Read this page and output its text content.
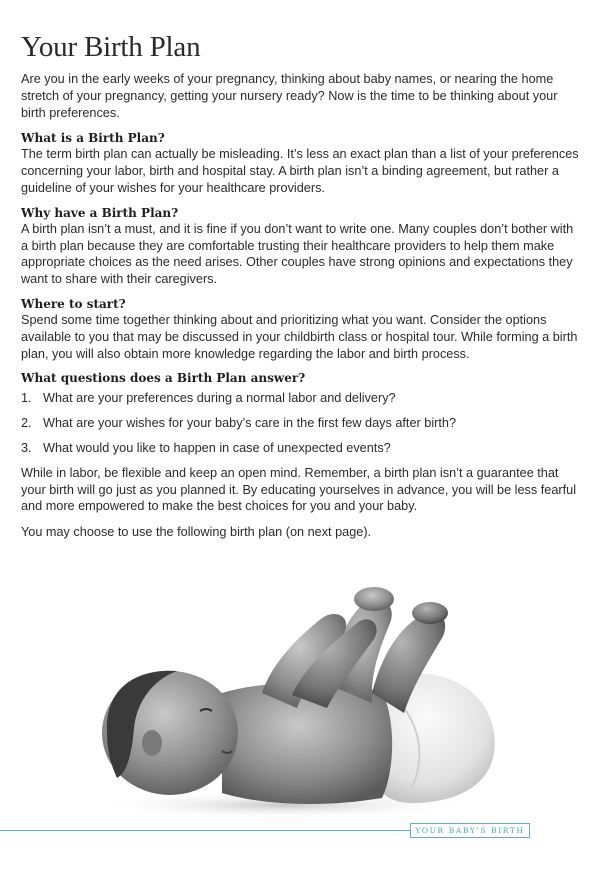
Your Birth Plan

Are you in the early weeks of your pregnancy, thinking about baby names, or nearing the home stretch of your pregnancy, getting your nursery ready? Now is the time to be thinking about your birth preferences.

What is a Birth Plan?

The term birth plan can actually be misleading. It’s less an exact plan than a list of your preferences concerning your labor, birth and hospital stay. A birth plan isn’t a binding agreement, but rather a guideline of your wishes for your healthcare providers.

Why have a Birth Plan?

A birth plan isn’t a must, and it is fine if you don’t want to write one. Many couples don’t bother with a birth plan because they are comfortable trusting their healthcare providers to help them make appropriate choices as the need arises. Other couples have strong opinions and expectations they want to share with their caregivers.

Where to start?

Spend some time together thinking about and prioritizing what you want. Consider the options available to you that may be discussed in your childbirth class or hospital tour. While forming a birth plan, you will also obtain more knowledge regarding the labor and birth process.

What questions does a Birth Plan answer?
1. What are your preferences during a normal labor and delivery?
2. What are your wishes for your baby’s care in the first few days after birth?
3. What would you like to happen in case of unexpected events?

While in labor, be flexible and keep an open mind. Remember, a birth plan isn’t a guarantee that your birth will go just as you planned it. By educating yourselves in advance, you will be less fearful and more empowered to make the best choices for you and your baby.

You may choose to use the following birth plan (on next page).

YOUR BABY’S BIRTH
